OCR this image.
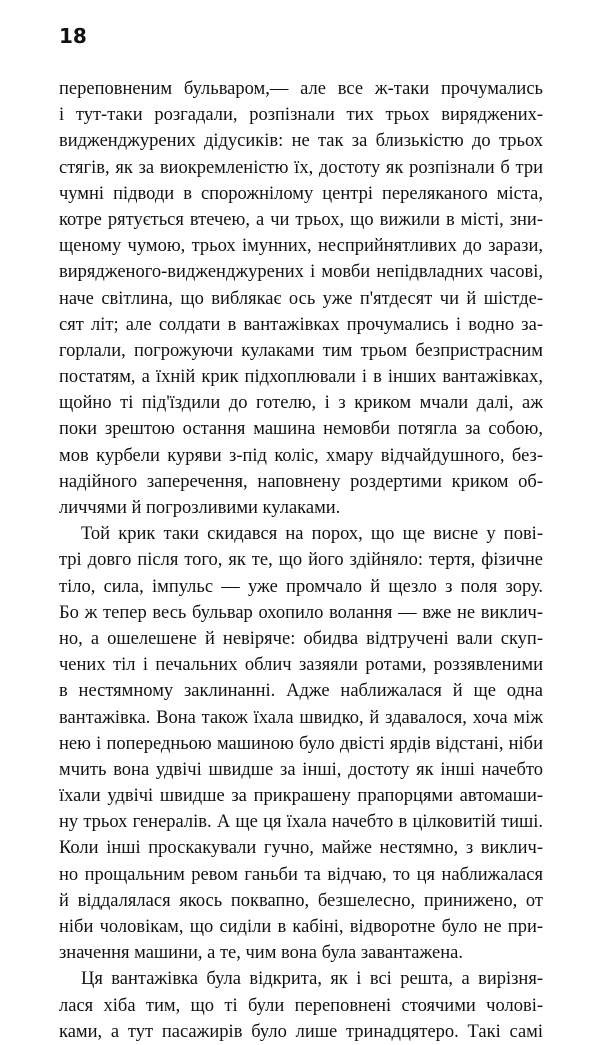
18
переповненим бульваром,— але все ж-таки прочумались
і тут-таки розгадали, розпізнали тих трьох виряджених-
видженджурених дідусиків: не так за близькістю до трьох
стягів, як за виокремленістю їх, достоту як розпізнали б три
чумні підводи в спорожнілому центрі переляканого міста,
котре рятується втечею, а чи трьох, що вижили в місті, зни-
щеному чумою, трьох імунних, несприйнятливих до зарази,
вирядженого-видженджурених і мовби непідвладних часові,
наче світлина, що виблякає ось уже п'ятдесят чи й шістде-
сят літ; але солдати в вантажівках прочумались і водно за-
горлали, погрожуючи кулаками тим трьом безпристрасним
постатям, а їхній крик підхоплювали і в інших вантажівках,
щойно ті під'їздили до готелю, і з криком мчали далі, аж
поки зрештою остання машина немовби потягла за собою,
мов курбели куряви з-під коліс, хмару відчайдушного, без-
надійного заперечення, наповнену роздертими криком об-
личчями й погрозливими кулаками.
Той крик таки скидався на порох, що ще висне у пові-
трі довго після того, як те, що його здійняло: тертя, фізичне
тіло, сила, імпульс — уже промчало й щезло з поля зору.
Бо ж тепер весь бульвар охопило волання — вже не виклич-
но, а ошелешене й невіряче: обидва відтручені вали скуп-
чених тіл і печальних облич зазяяли ротами, роззявленими
в нестямному заклинанні. Адже наближалася й ще одна
вантажівка. Вона також їхала швидко, й здавалося, хоча між
нею і попередньою машиною було двісті ярдів відстані, ніби
мчить вона удвічі швидше за інші, достоту як інші начебто
їхали удвічі швидше за прикрашену прапорцями автомаши-
ну трьох генералів. А ще ця їхала начебто в цілковитій тиші.
Коли інші проскакували гучно, майже нестямно, з виклич-
но прощальним ревом ганьби та відчаю, то ця наближалася
й віддалялася якось поквапно, безшелесно, принижено, от
ніби чоловікам, що сиділи в кабіні, відворотне було не при-
значення машини, а те, чим вона була завантажена.
Ця вантажівка була відкрита, як і всі решта, а вирізня-
лася хіба тим, що ті були переповнені стоячими чолові-
ками, а тут пасажирів було лише тринадцятеро. Такі самі
